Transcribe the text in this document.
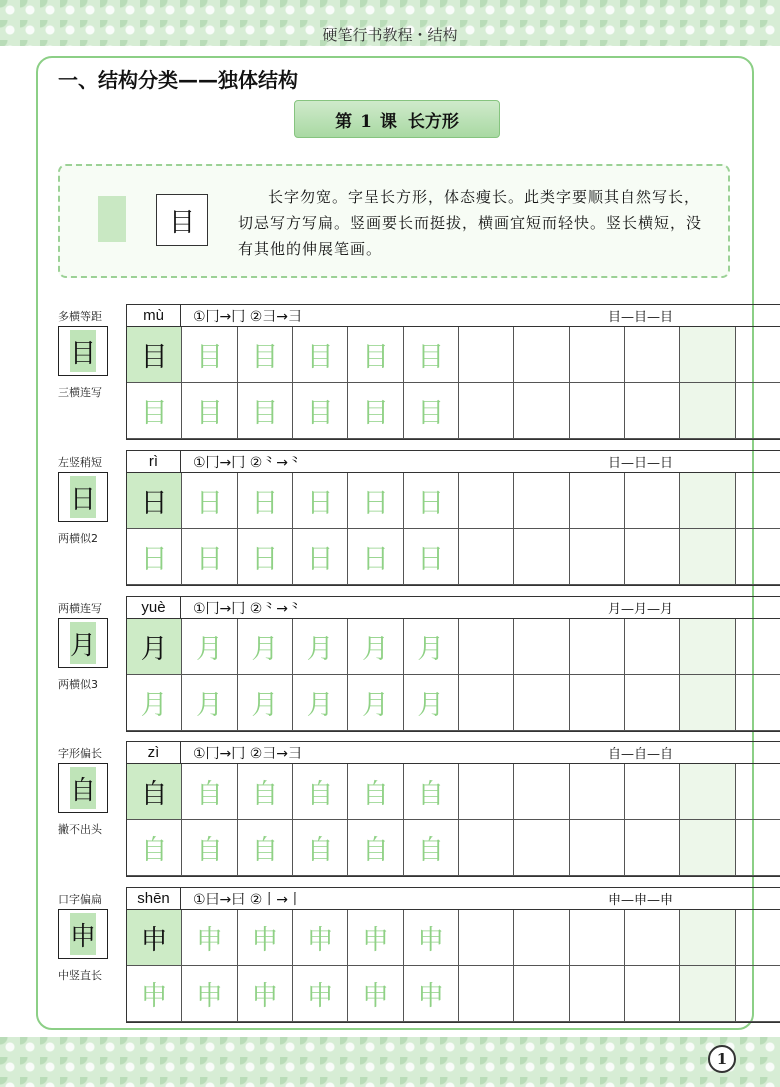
硬笔行书教程・结构
一、结构分类——独体结构
第 1 课 长方形
目
长字勿宽。字呈长方形，体态瘦长。此类字要顺其自然写长，切忌写方写扁。竖画要长而挺拔，横画宜短而轻快。竖长横短，没有其他的伸展笔画。
多横等距
目
三横连写
mù	①冂→冂 ②⺕→⺕	目—目—目
目	目	目	目	目	目
目	目	目	目	目	目
左竖稍短
日
两横似2
rì	①冂→冂 ②⺀→⺀	日—日—日
日	日	日	日	日	日
日	日	日	日	日	日
两横连写
月
两横似3
yuè	①冂→冂 ②⺀→⺀	月—月—月
月	月	月	月	月	月
月	月	月	月	月	月
字形偏长
自
撇不出头
zì	①冂→冂 ②⺕→⺕	自—自—自
自	自	自	自	自	自
自	自	自	自	自	自
口字偏扁
申
中竖直长
shēn	①曰→曰 ②丨→丨	申—申—申
申	申	申	申	申	申
申	申	申	申	申	申
1
